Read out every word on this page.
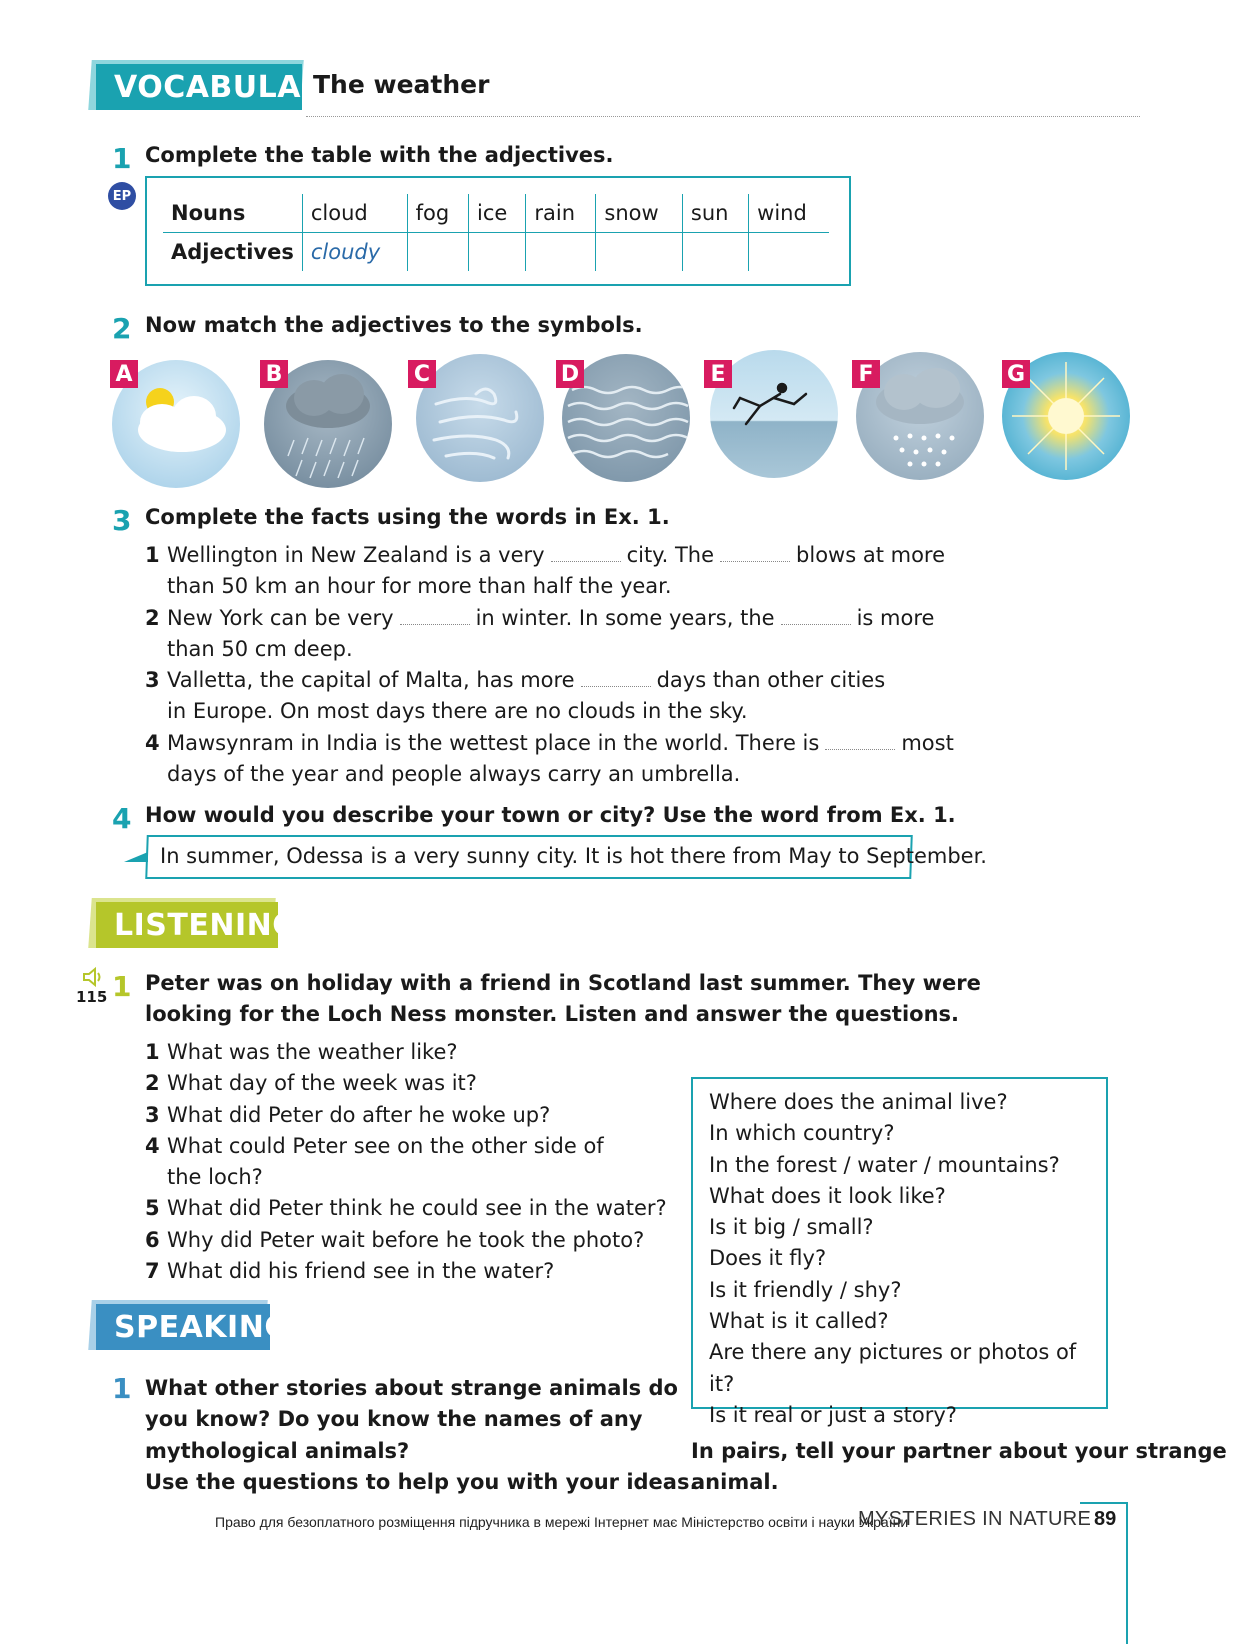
VOCABULARY
The weather
1
EP
Complete the table with the adjectives.
Nouns	cloud	fog	ice	rain	snow	sun	wind
Adjectives	cloudy						
2 Now match the adjectives to the symbols.
A	B	C	D	E	F	G
3 Complete the facts using the words in Ex. 1.
1 Wellington in New Zealand is a very	city. The	blows at more
than 50 km an hour for more than half the year.
2 New York can be very	in winter. In some years, the	is more
than 50 cm deep.
3 Valletta, the capital of Malta, has more	days than other cities
in Europe. On most days there are no clouds in the sky.
4 Mawsynram in India is the wettest place in the world. There is	most
days of the year and people always carry an umbrella.
4 How would you describe your town or city? Use the word from Ex. 1.
In summer, Odessa is a very sunny city. It is hot there from May to September.
LISTENING
115 1 Peter was on holiday with a friend in Scotland last summer. They were
looking for the Loch Ness monster. Listen and answer the questions.
1 What was the weather like?
2 What day of the week was it?
3 What did Peter do after he woke up?
4 What could Peter see on the other side of
the loch?
5 What did Peter think he could see in the water?
6 Why did Peter wait before he took the photo?
7 What did his friend see in the water?
SPEAKING
1 What other stories about strange animals do
you know? Do you know the names of any
mythological animals?
Use the questions to help you with your ideas.
Where does the animal live?
In which country?
In the forest / water / mountains?
What does it look like?
Is it big / small?
Does it fly?
Is it friendly / shy?
What is it called?
Are there any pictures or photos of it?
Is it real or just a story?
In pairs, tell your partner about your strange
animal.
Право для безоплатного розміщення підручника в мережі Інтернет має Міністерство освіти і науки України
MYSTERIES IN NATURE 89
